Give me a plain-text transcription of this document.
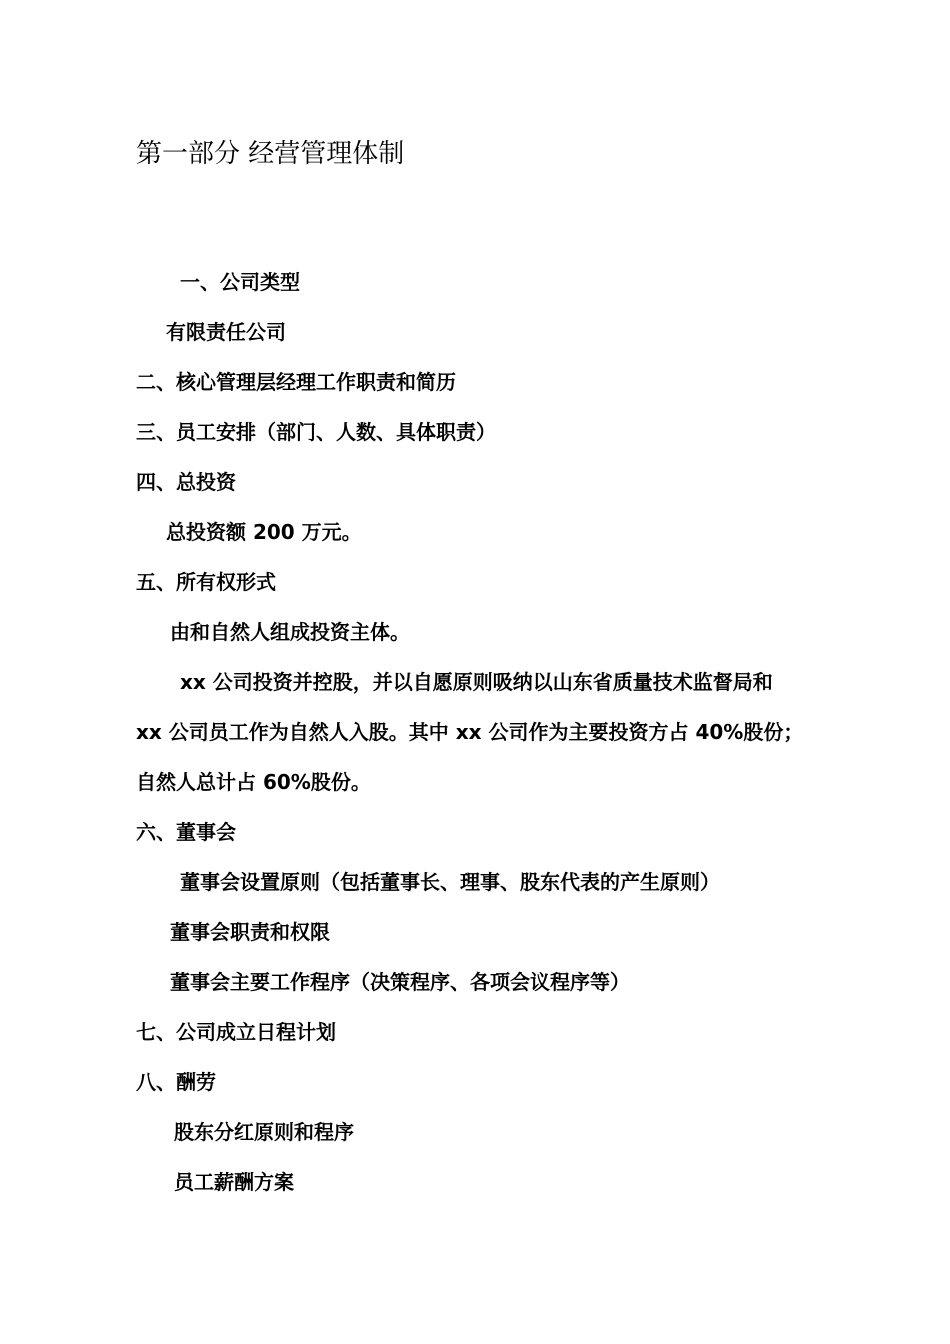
第一部分 经营管理体制
一、公司类型
有限责任公司
二、核心管理层经理工作职责和简历
三、员工安排（部门、人数、具体职责）
四、总投资
总投资额 200 万元。
五、所有权形式
由和自然人组成投资主体。
xx 公司投资并控股，并以自愿原则吸纳以山东省质量技术监督局和
xx 公司员工作为自然人入股。其中 xx 公司作为主要投资方占 40%股份；
自然人总计占 60%股份。
六、董事会
董事会设置原则（包括董事长、理事、股东代表的产生原则）
董事会职责和权限
董事会主要工作程序（决策程序、各项会议程序等）
七、公司成立日程计划
八、酬劳
股东分红原则和程序
员工薪酬方案
